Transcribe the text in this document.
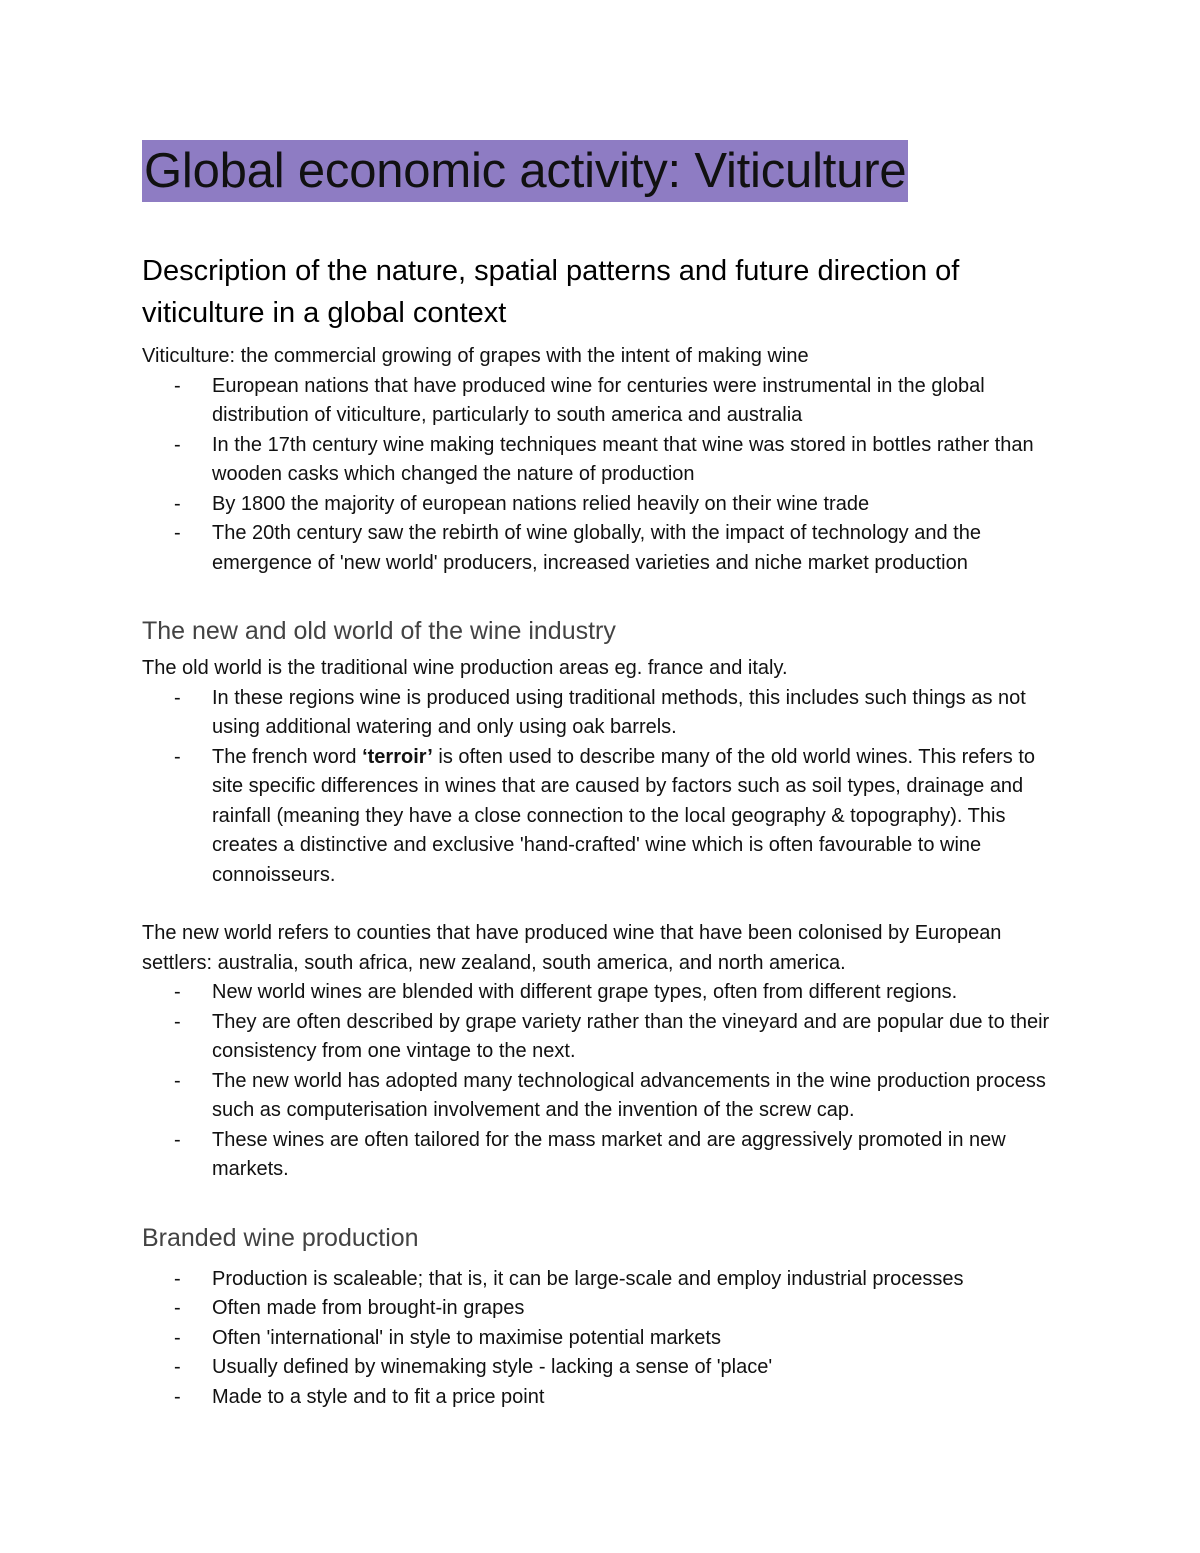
Global economic activity: Viticulture
Description of the nature, spatial patterns and future direction of viticulture in a global context

Viticulture: the commercial growing of grapes with the intent of making wine

- European nations that have produced wine for centuries were instrumental in the global distribution of viticulture, particularly to south america and australia
- In the 17th century wine making techniques meant that wine was stored in bottles rather than wooden casks which changed the nature of production
- By 1800 the majority of european nations relied heavily on their wine trade
- The 20th century saw the rebirth of wine globally, with the impact of technology and the emergence of 'new world' producers, increased varieties and niche market production
The new and old world of the wine industry

The old world is the traditional wine production areas eg. france and italy.

- In these regions wine is produced using traditional methods, this includes such things as not using additional watering and only using oak barrels.
- The french word ‘terroir’ is often used to describe many of the old world wines. This refers to site specific differences in wines that are caused by factors such as soil types, drainage and rainfall (meaning they have a close connection to the local geography & topography). This creates a distinctive and exclusive 'hand-crafted' wine which is often favourable to wine connoisseurs.

The new world refers to counties that have produced wine that have been colonised by European settlers: australia, south africa, new zealand, south america, and north america.

- New world wines are blended with different grape types, often from different regions.
- They are often described by grape variety rather than the vineyard and are popular due to their consistency from one vintage to the next.
- The new world has adopted many technological advancements in the wine production process such as computerisation involvement and the invention of the screw cap.
- These wines are often tailored for the mass market and are aggressively promoted in new markets.
Branded wine production
- Production is scaleable; that is, it can be large-scale and employ industrial processes
- Often made from brought-in grapes
- Often 'international' in style to maximise potential markets
- Usually defined by winemaking style - lacking a sense of 'place'
- Made to a style and to fit a price point
